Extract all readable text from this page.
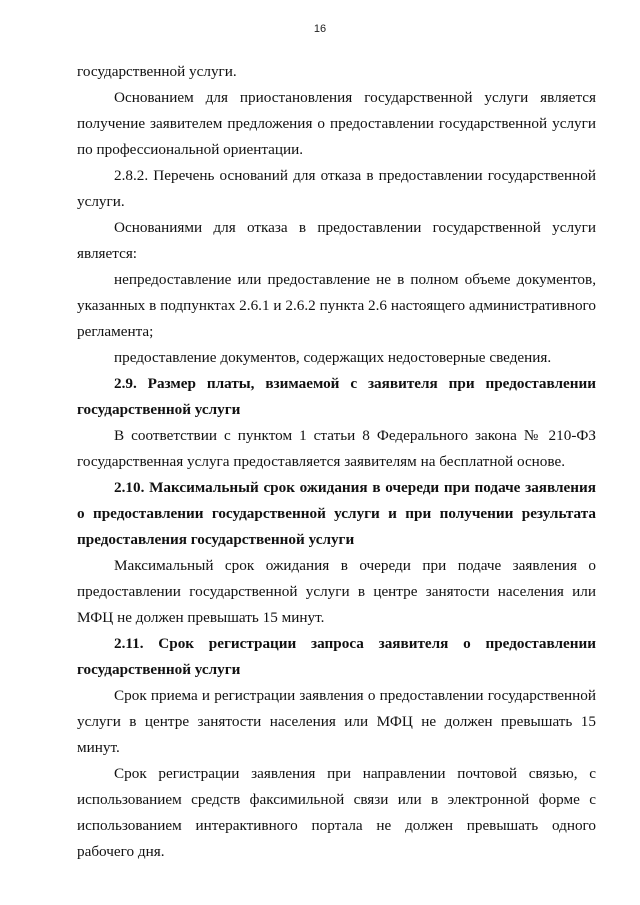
16

государственной услуги.

Основанием для приостановления государственной услуги является получение заявителем предложения о предоставлении государственной услуги по профессиональной ориентации.

2.8.2. Перечень оснований для отказа в предоставлении государственной услуги.

Основаниями для отказа в предоставлении государственной услуги является:

непредоставление или предоставление не в полном объеме документов, указанных в подпунктах 2.6.1 и 2.6.2 пункта 2.6 настоящего административного регламента;

предоставление документов, содержащих недостоверные сведения.

2.9. Размер платы, взимаемой с заявителя при предоставлении государственной услуги

В соответствии с пунктом 1 статьи 8 Федерального закона № 210-ФЗ государственная услуга предоставляется заявителям на бесплатной основе.

2.10. Максимальный срок ожидания в очереди при подаче заявления о предоставлении государственной услуги и при получении результата предоставления государственной услуги

Максимальный срок ожидания в очереди при подаче заявления о предоставлении государственной услуги в центре занятости населения или МФЦ не должен превышать 15 минут.

2.11. Срок регистрации запроса заявителя о предоставлении государственной услуги

Срок приема и регистрации заявления о предоставлении государственной услуги в центре занятости населения или МФЦ не должен превышать 15 минут.

Срок регистрации заявления при направлении почтовой связью, с использованием средств факсимильной связи или в электронной форме с использованием интерактивного портала не должен превышать одного рабочего дня.
